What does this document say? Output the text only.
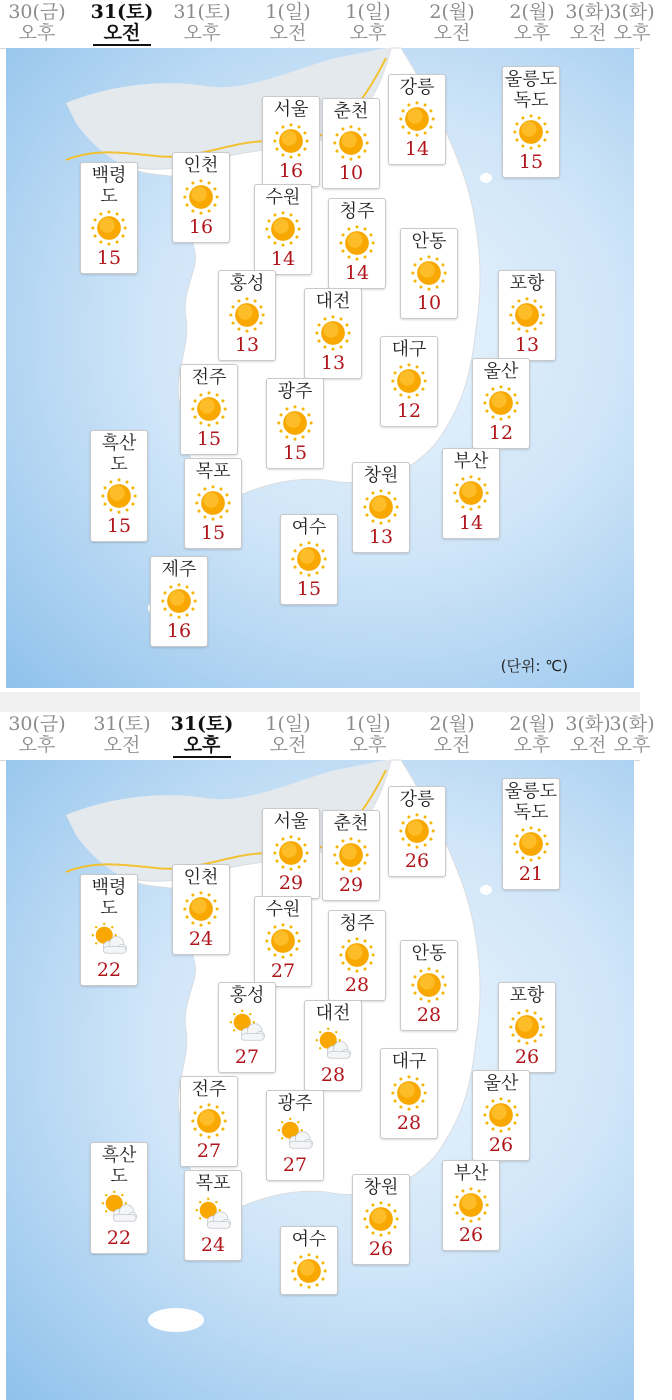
30(금)
오후
31(토)
오전
31(토)
오후
1(일)
오전
1(일)
오후
2(월)
오전
2(월)
오후
3(화)
오전
3(화)
오후
서울
16
춘천
10
강릉
14
울릉도
독도
15
백령
도
15
인천
16
수원
14
청주
14
안동
10
홍성
13
대전
13
포항
13
대구
12
울산
12
전주
15
광주
15
흑산
도
15
목포
15
창원
13
부산
14
여수
15
제주
16
(단위: ℃)
30(금)
오후
31(토)
오전
31(토)
오후
1(일)
오전
1(일)
오후
2(월)
오전
2(월)
오후
3(화)
오전
3(화)
오후
서울
29
춘천
29
강릉
26
울릉도
독도
21
백령
도
22
인천
24
수원
27
청주
28
안동
28
홍성
27
대전
28
포항
26
대구
28
울산
26
전주
27
광주
27
흑산
도
22
목포
24
창원
26
부산
26
여수
